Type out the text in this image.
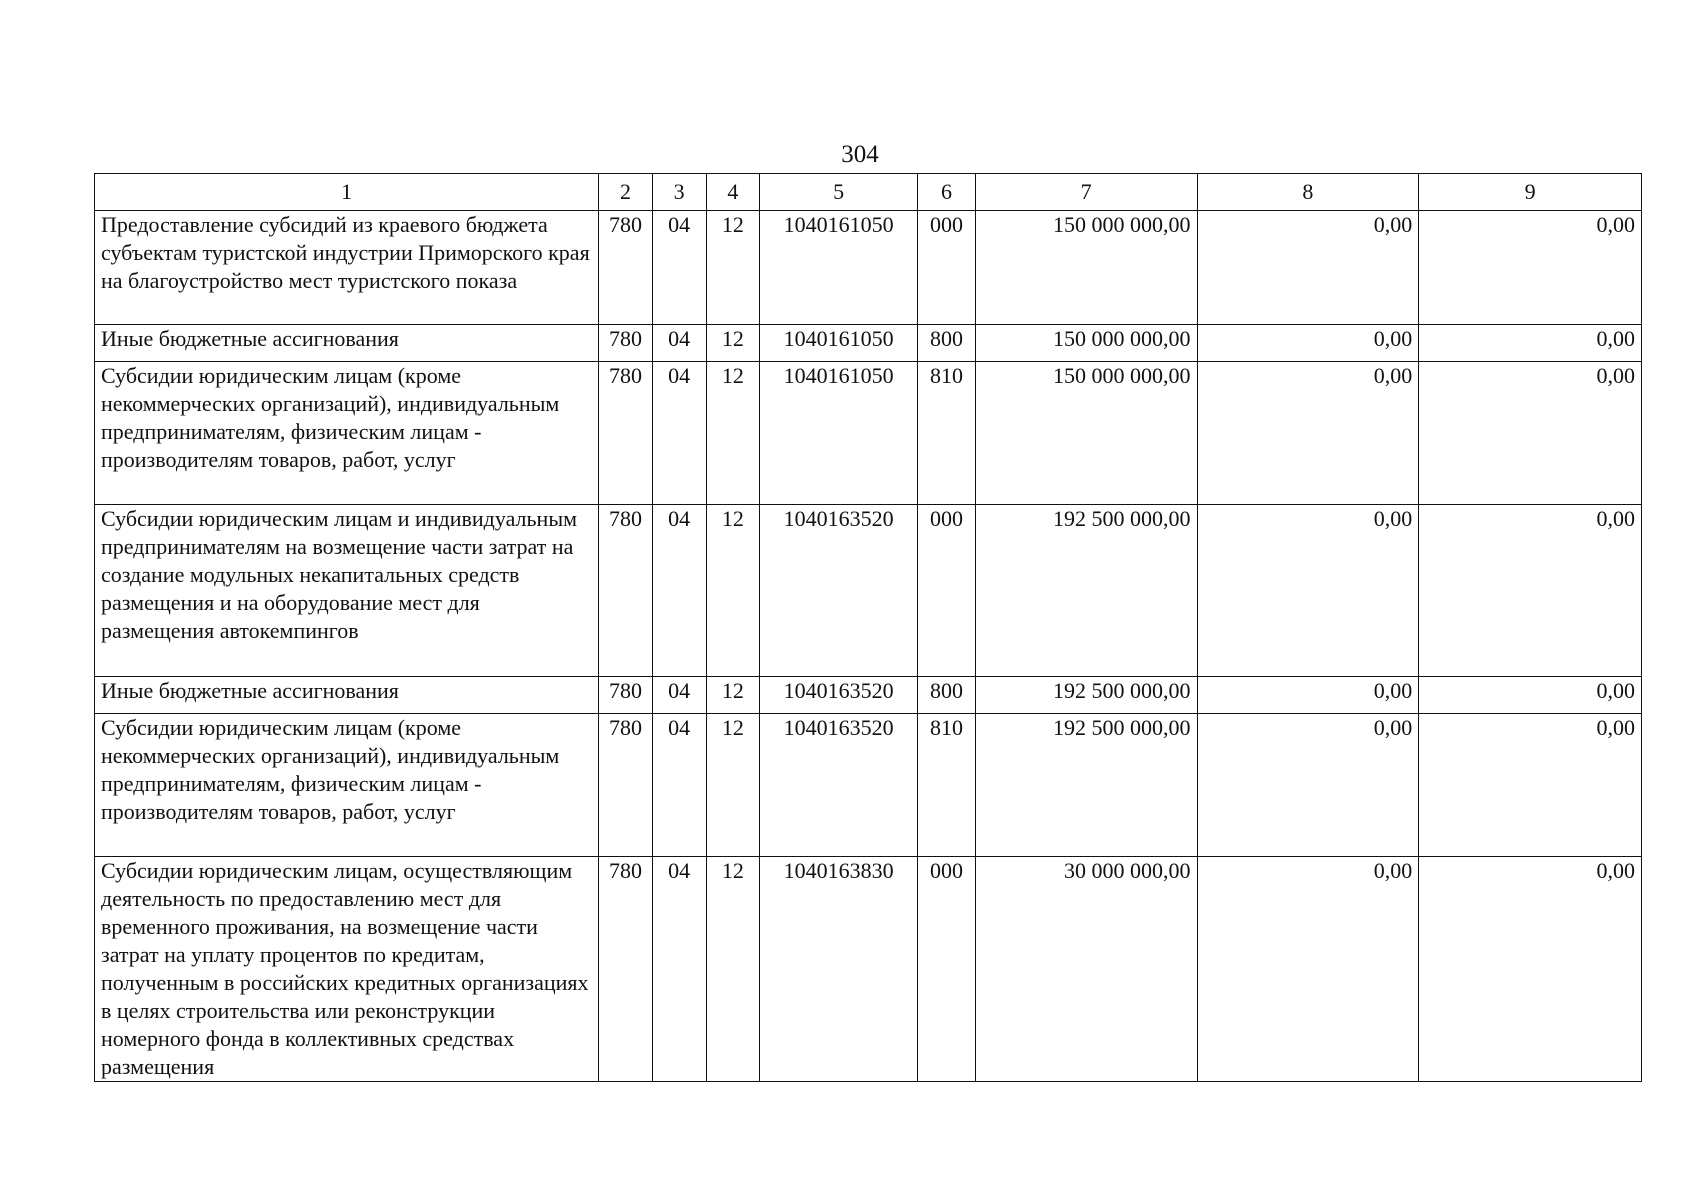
304
1	2	3	4	5	6	7	8	9
Предоставление субсидий из краевого бюджета субъектам туристской индустрии Приморского края на благоустройство мест туристского показа	780	04	12	1040161050	000	150 000 000,00	0,00	0,00
Иные бюджетные ассигнования	780	04	12	1040161050	800	150 000 000,00	0,00	0,00
Субсидии юридическим лицам (кроме некоммерческих организаций), индивидуальным предпринимателям, физическим лицам - производителям товаров, работ, услуг	780	04	12	1040161050	810	150 000 000,00	0,00	0,00
Субсидии юридическим лицам и индивидуальным предпринимателям на возмещение части затрат на создание модульных некапитальных средств размещения и на оборудование мест для размещения автокемпингов	780	04	12	1040163520	000	192 500 000,00	0,00	0,00
Иные бюджетные ассигнования	780	04	12	1040163520	800	192 500 000,00	0,00	0,00
Субсидии юридическим лицам (кроме некоммерческих организаций), индивидуальным предпринимателям, физическим лицам - производителям товаров, работ, услуг	780	04	12	1040163520	810	192 500 000,00	0,00	0,00
Субсидии юридическим лицам, осуществляющим деятельность по предоставлению мест для временного проживания, на возмещение части затрат на уплату процентов по кредитам, полученным в российских кредитных организациях в целях строительства или реконструкции номерного фонда в коллективных средствах размещения	780	04	12	1040163830	000	30 000 000,00	0,00	0,00
